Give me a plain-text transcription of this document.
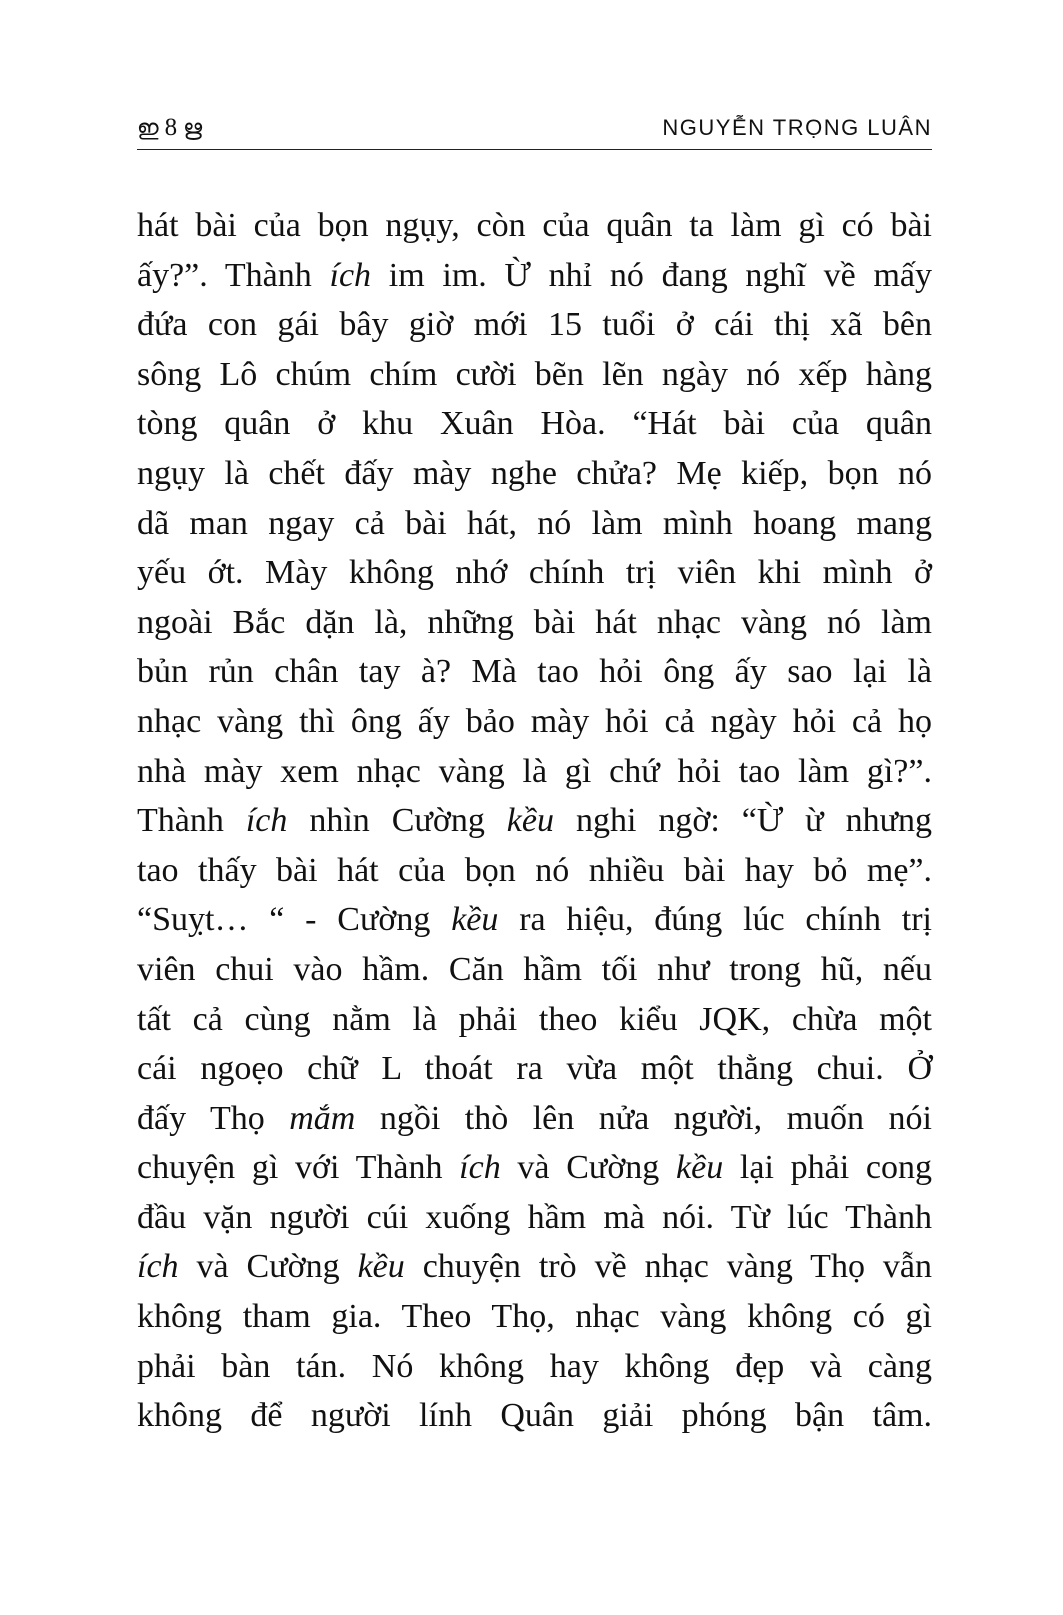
ഇ 8 ഋ	NGUYỄN TRỌNG LUÂN
hát bài của bọn ngụy, còn của quân ta làm gì có bài
ấy?”. Thành ích im im. Ừ nhỉ nó đang nghĩ về mấy
đứa con gái bây giờ mới 15 tuổi ở cái thị xã bên
sông Lô chúm chím cười bẽn lẽn ngày nó xếp hàng
tòng quân ở khu Xuân Hòa. “Hát bài của quân
ngụy là chết đấy mày nghe chửa? Mẹ kiếp, bọn nó
dã man ngay cả bài hát, nó làm mình hoang mang
yếu ớt. Mày không nhớ chính trị viên khi mình ở
ngoài Bắc dặn là, những bài hát nhạc vàng nó làm
bủn rủn chân tay à? Mà tao hỏi ông ấy sao lại là
nhạc vàng thì ông ấy bảo mày hỏi cả ngày hỏi cả họ
nhà mày xem nhạc vàng là gì chứ hỏi tao làm gì?”.
Thành ích nhìn Cường kều nghi ngờ: “Ừ ừ nhưng
tao thấy bài hát của bọn nó nhiều bài hay bỏ mẹ”.
“Suỵt… “ - Cường kều ra hiệu, đúng lúc chính trị
viên chui vào hầm. Căn hầm tối như trong hũ, nếu
tất cả cùng nằm là phải theo kiểu JQK, chừa một
cái ngoẹo chữ L thoát ra vừa một thằng chui. Ở
đấy Thọ mắm ngồi thò lên nửa người, muốn nói
chuyện gì với Thành ích và Cường kều lại phải cong
đầu vặn người cúi xuống hầm mà nói. Từ lúc Thành
ích và Cường kều chuyện trò về nhạc vàng Thọ vẫn
không tham gia. Theo Thọ, nhạc vàng không có gì
phải bàn tán. Nó không hay không đẹp và càng
không để người lính Quân giải phóng bận tâm.
